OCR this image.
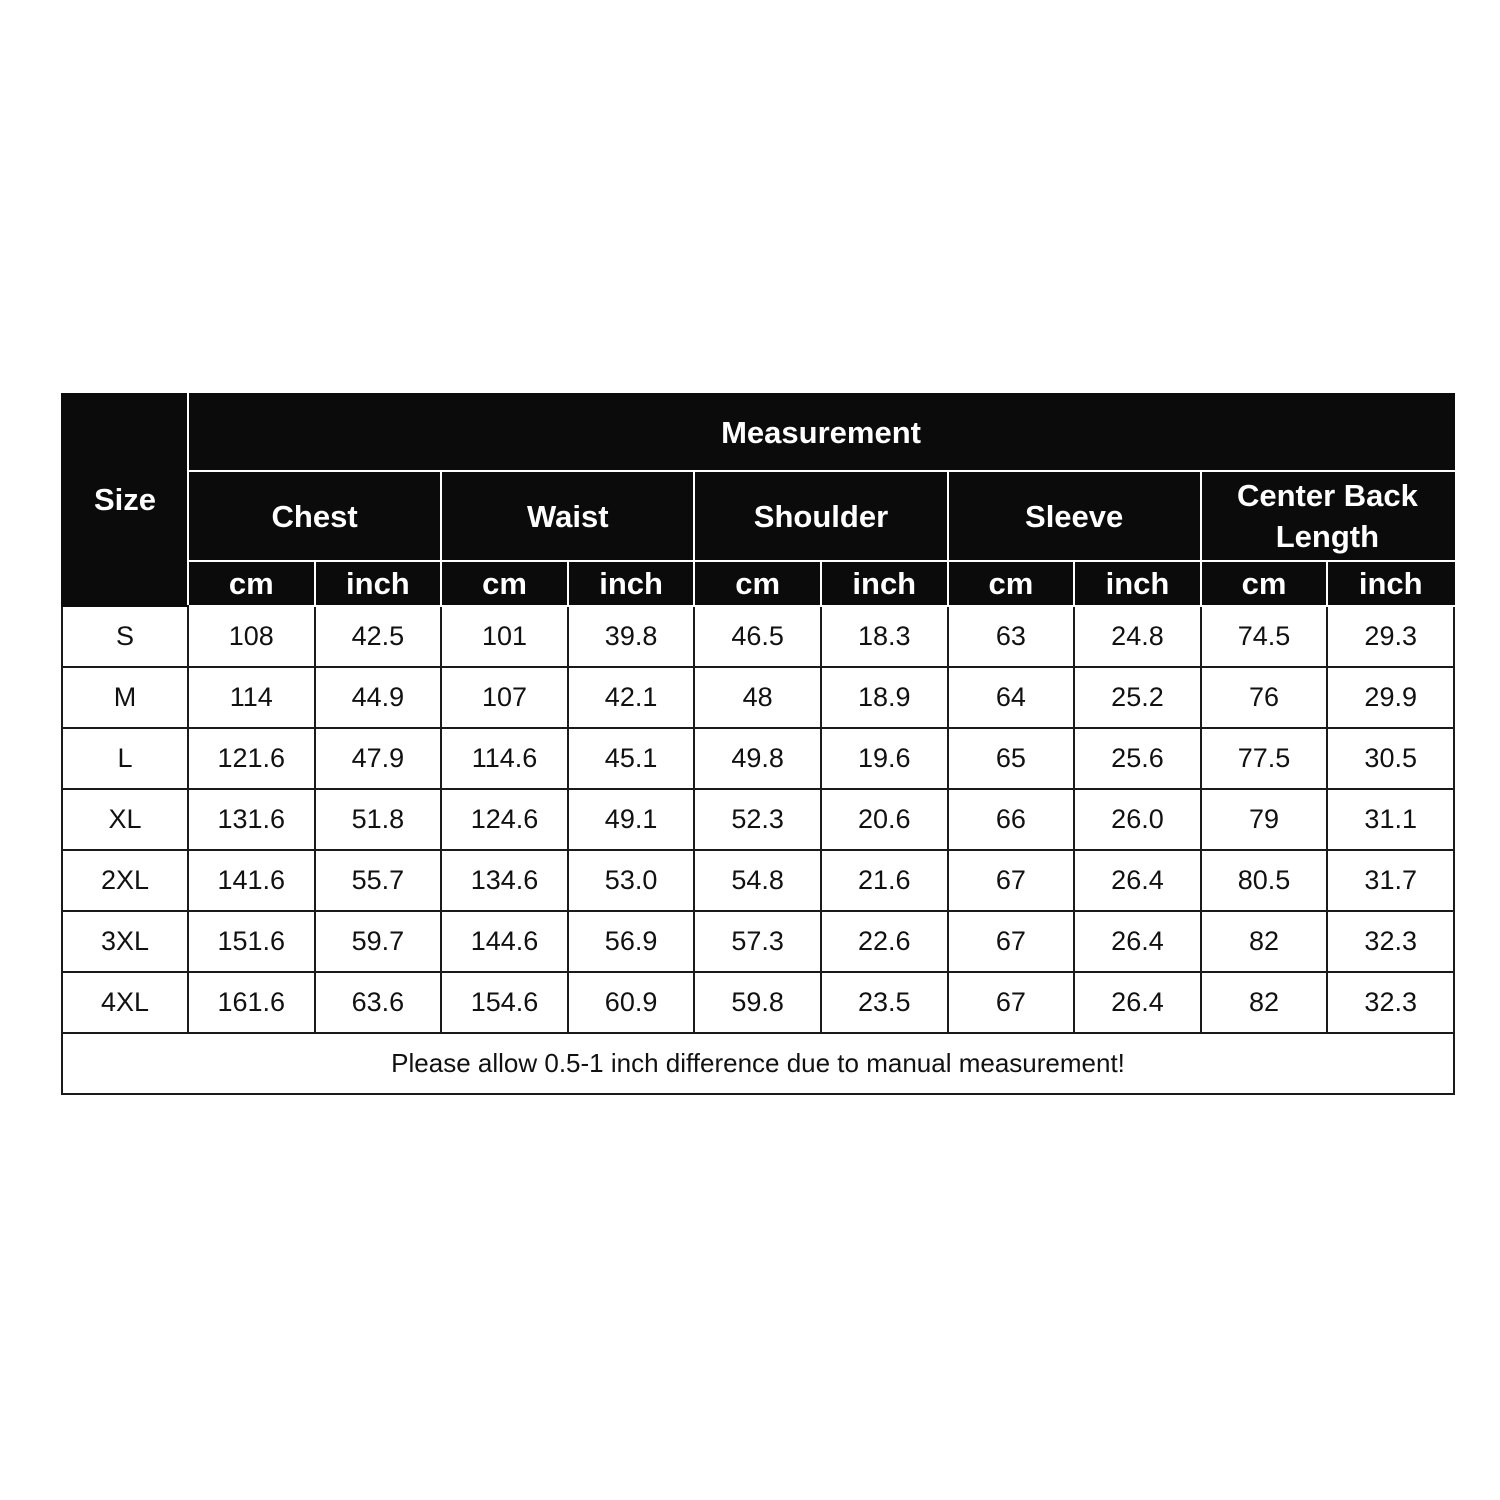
Size	Measurement									
	Chest		Waist		Shoulder		Sleeve		Center Back Length	
	cm	inch	cm	inch	cm	inch	cm	inch	cm	inch
S	108	42.5	101	39.8	46.5	18.3	63	24.8	74.5	29.3
M	114	44.9	107	42.1	48	18.9	64	25.2	76	29.9
L	121.6	47.9	114.6	45.1	49.8	19.6	65	25.6	77.5	30.5
XL	131.6	51.8	124.6	49.1	52.3	20.6	66	26.0	79	31.1
2XL	141.6	55.7	134.6	53.0	54.8	21.6	67	26.4	80.5	31.7
3XL	151.6	59.7	144.6	56.9	57.3	22.6	67	26.4	82	32.3
4XL	161.6	63.6	154.6	60.9	59.8	23.5	67	26.4	82	32.3
Please allow 0.5-1 inch difference due to manual measurement!										
